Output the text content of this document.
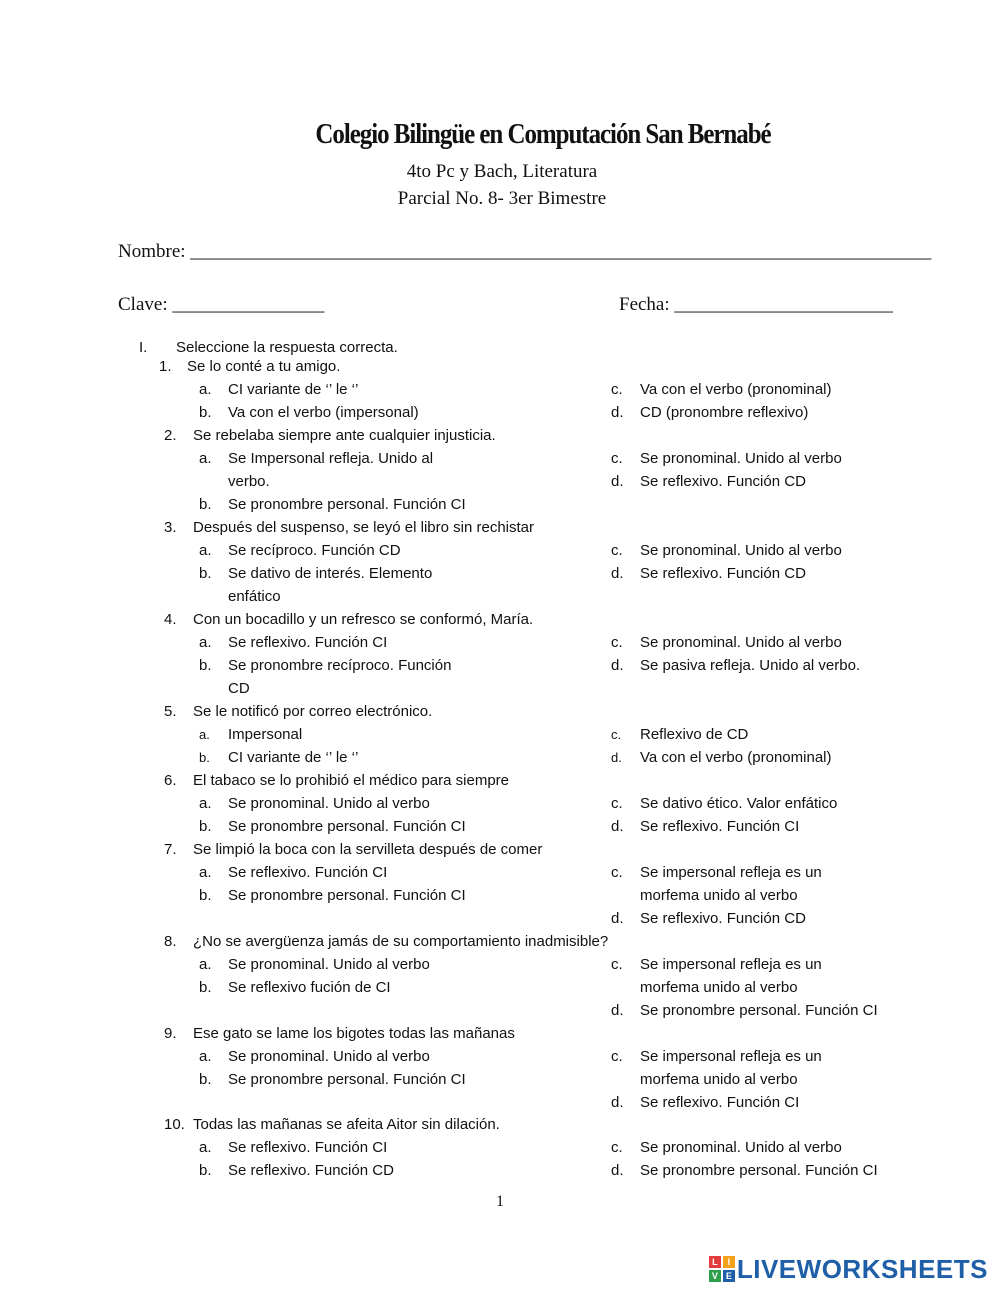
Colegio Bilingüe en Computación San Bernabé
4to Pc y Bach, Literatura
Parcial No. 8- 3er Bimestre
Nombre: ______________________________________________________________________________
Clave: ________________	Fecha: _______________________
I. Seleccione la respuesta correcta.
1. Se lo conté a tu amigo.
a. CI variante de ‘’ le ‘’
b. Va con el verbo (impersonal)
c. Va con el verbo (pronominal)
d. CD (pronombre reflexivo)
2. Se rebelaba siempre ante cualquier injusticia.
a. Se Impersonal refleja. Unido al
verbo.
b. Se pronombre personal. Función CI
c. Se pronominal. Unido al verbo
d. Se reflexivo. Función CD
3. Después del suspenso, se leyó el libro sin rechistar
a. Se recíproco. Función CD
b. Se dativo de interés. Elemento
enfático
c. Se pronominal. Unido al verbo
d. Se reflexivo. Función CD
4. Con un bocadillo y un refresco se conformó, María.
a. Se reflexivo. Función CI
b. Se pronombre recíproco. Función
CD
c. Se pronominal. Unido al verbo
d. Se pasiva refleja. Unido al verbo.
5. Se le notificó por correo electrónico.
a. Impersonal
b. CI variante de ‘’ le ‘’
c. Reflexivo de CD
d. Va con el verbo (pronominal)
6. El tabaco se lo prohibió el médico para siempre
a. Se pronominal. Unido al verbo
b. Se pronombre personal. Función CI
c. Se dativo ético. Valor enfático
d. Se reflexivo. Función CI
7. Se limpió la boca con la servilleta después de comer
a. Se reflexivo. Función CI
b. Se pronombre personal. Función CI
c. Se impersonal refleja es un
morfema unido al verbo
d. Se reflexivo. Función CD
8. ¿No se avergüenza jamás de su comportamiento inadmisible?
a. Se pronominal. Unido al verbo
b. Se reflexivo fución de CI
c. Se impersonal refleja es un
morfema unido al verbo
d. Se pronombre personal. Función CI
9. Ese gato se lame los bigotes todas las mañanas
a. Se pronominal. Unido al verbo
b. Se pronombre personal. Función CI
c. Se impersonal refleja es un
morfema unido al verbo
d. Se reflexivo. Función CI
10. Todas las mañanas se afeita Aitor sin dilación.
a. Se reflexivo. Función CI
b. Se reflexivo. Función CD
c. Se pronominal. Unido al verbo
d. Se pronombre personal. Función CI
1
L	I
V E LIVEWORKSHEETS
